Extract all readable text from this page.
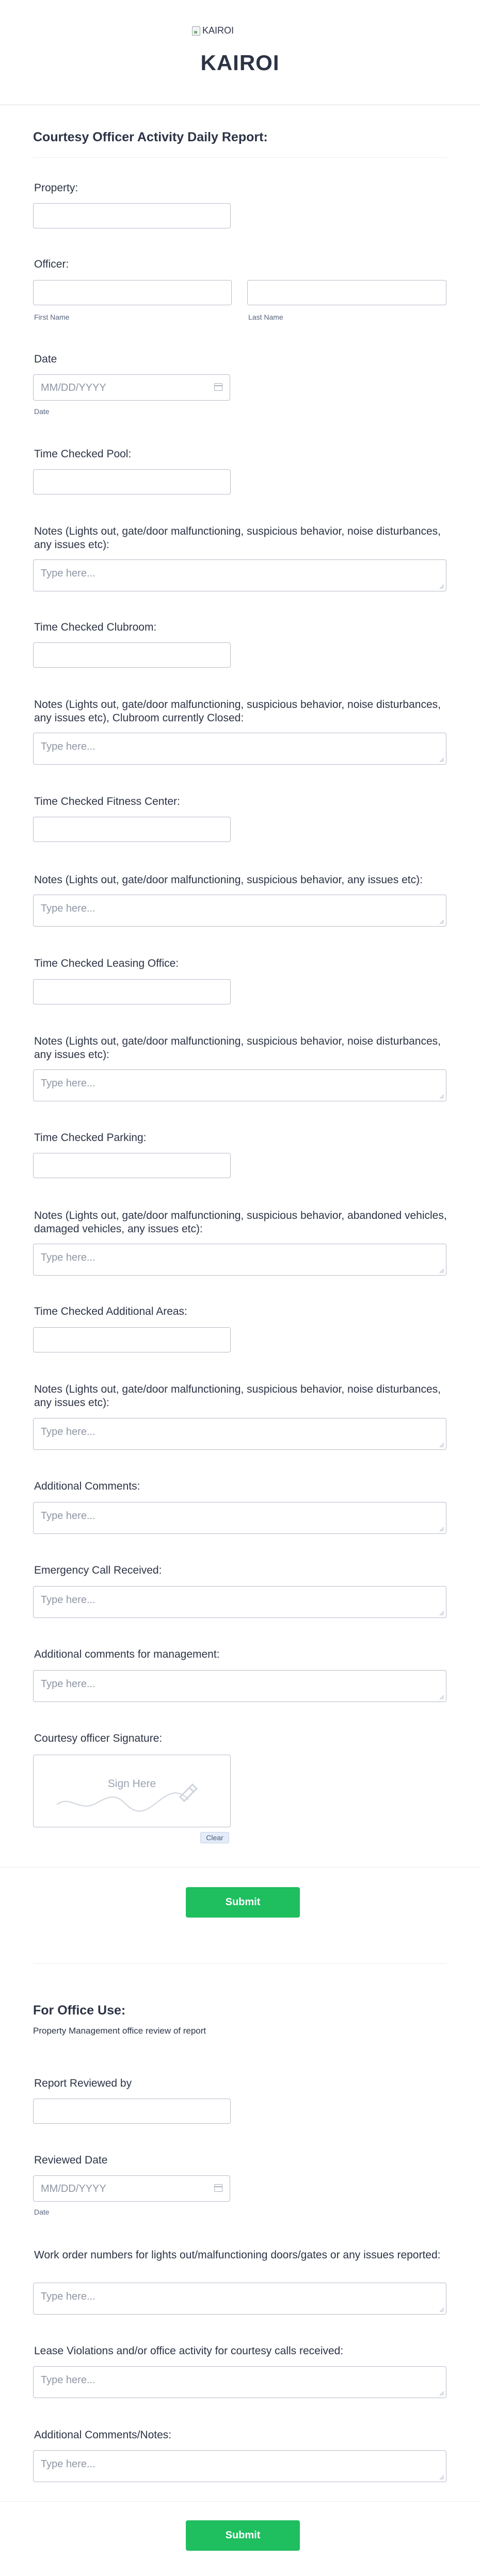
KAIROI
KAIROI
Courtesy Officer Activity Daily Report:
Property:
Officer:
First Name	Last Name
Date
MM/DD/YYYY
Date
Time Checked Pool:
Notes (Lights out, gate/door malfunctioning, suspicious behavior, noise disturbances, any issues etc):
Type here...
Time Checked Clubroom:
Notes (Lights out, gate/door malfunctioning, suspicious behavior, noise disturbances, any issues etc), Clubroom currently Closed:
Type here...
Time Checked Fitness Center:
Notes (Lights out, gate/door malfunctioning, suspicious behavior, any issues etc):
Type here...
Time Checked Leasing Office:
Notes (Lights out, gate/door malfunctioning, suspicious behavior, noise disturbances, any issues etc):
Type here...
Time Checked Parking:
Notes (Lights out, gate/door malfunctioning, suspicious behavior, abandoned vehicles, damaged vehicles, any issues etc):
Type here...
Time Checked Additional Areas:
Notes (Lights out, gate/door malfunctioning, suspicious behavior, noise disturbances, any issues etc):
Type here...
Additional Comments:
Type here...
Emergency Call Received:
Type here...
Additional comments for management:
Type here...
Courtesy officer Signature:
Sign Here
Clear
Submit
For Office Use:
Property Management office review of report
Report Reviewed by
Reviewed Date
MM/DD/YYYY
Date
Work order numbers for lights out/malfunctioning doors/gates or any issues reported:
Type here...
Lease Violations and/or office activity for courtesy calls received:
Type here...
Additional Comments/Notes:
Type here...
Submit
